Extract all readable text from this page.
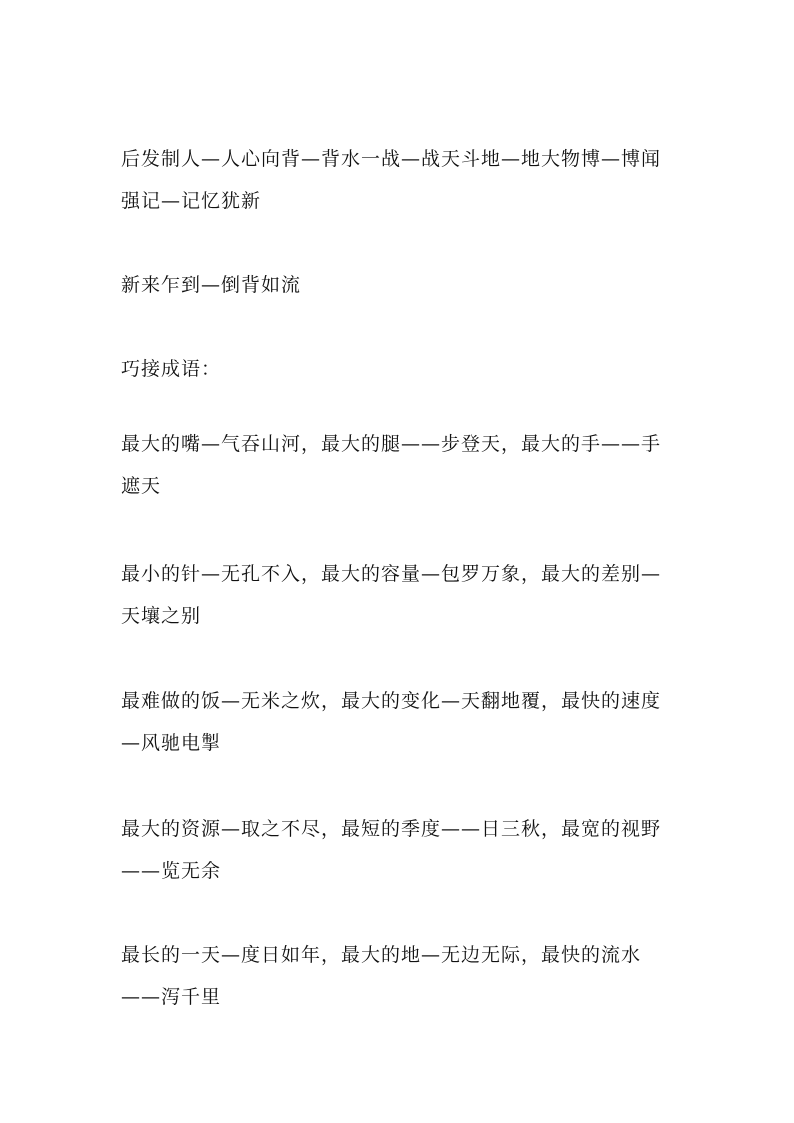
后发制人—人心向背—背水一战—战天斗地—地大物博—博闻强记—记忆犹新

新来乍到—倒背如流

巧接成语：

最大的嘴—气吞山河，最大的腿——步登天，最大的手——手遮天

最小的针—无孔不入，最大的容量—包罗万象，最大的差别—天壤之别

最难做的饭—无米之炊，最大的变化—天翻地覆，最快的速度—风驰电掣

最大的资源—取之不尽，最短的季度——日三秋，最宽的视野——览无余

最长的一天—度日如年，最大的地—无边无际，最快的流水——泻千里
